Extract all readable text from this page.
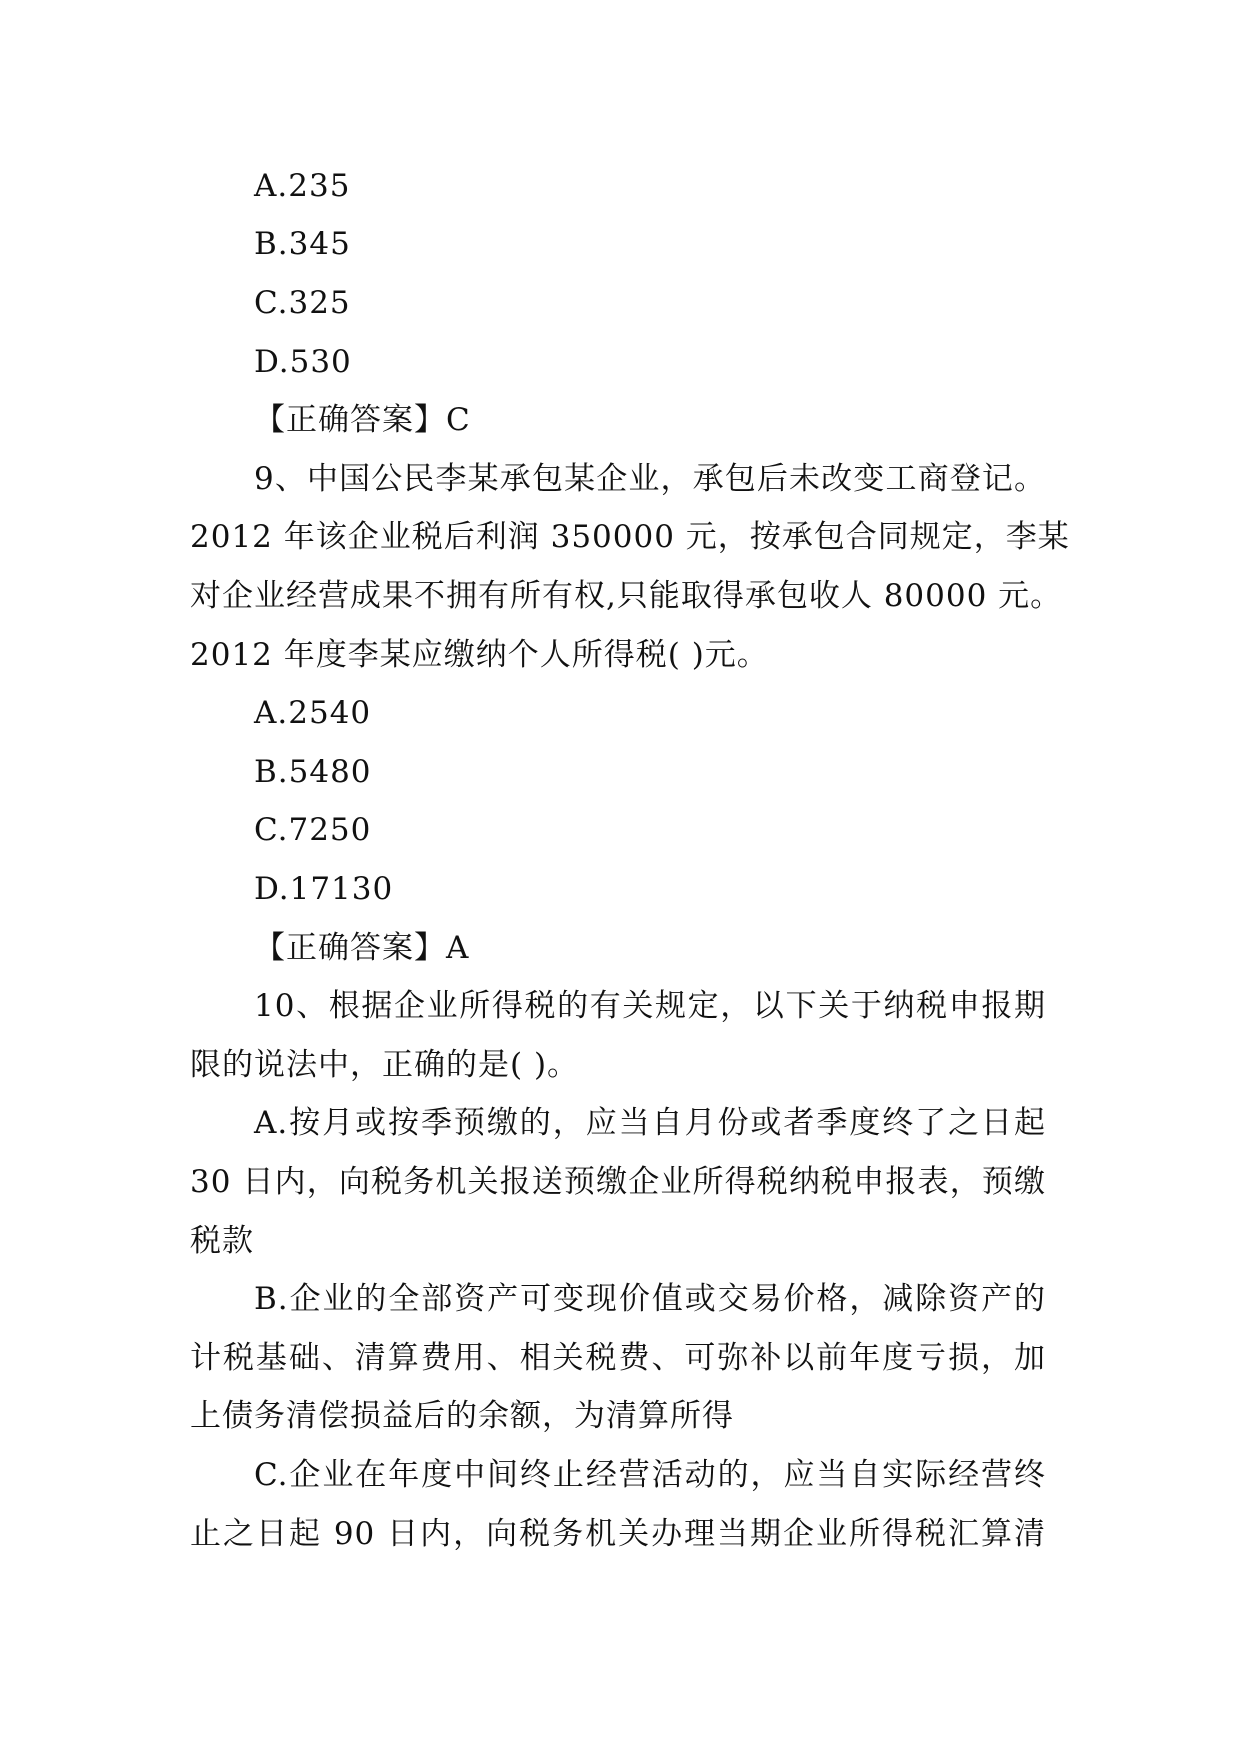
A.235
B.345
C.325
D.530
【正确答案】C
9、中国公民李某承包某企业，承包后未改变工商登记。
2012 年该企业税后利润 350000 元，按承包合同规定，李某
对企业经营成果不拥有所有权,只能取得承包收人 80000 元。
2012 年度李某应缴纳个人所得税( )元。
A.2540
B.5480
C.7250
D.17130
【正确答案】A
10、根据企业所得税的有关规定，以下关于纳税申报期
限的说法中，正确的是( )。
A.按月或按季预缴的，应当自月份或者季度终了之日起
30 日内，向税务机关报送预缴企业所得税纳税申报表，预缴
税款
B.企业的全部资产可变现价值或交易价格，减除资产的
计税基础、清算费用、相关税费、可弥补以前年度亏损，加
上债务清偿损益后的余额，为清算所得
C.企业在年度中间终止经营活动的，应当自实际经营终
止之日起 90 日内，向税务机关办理当期企业所得税汇算清
